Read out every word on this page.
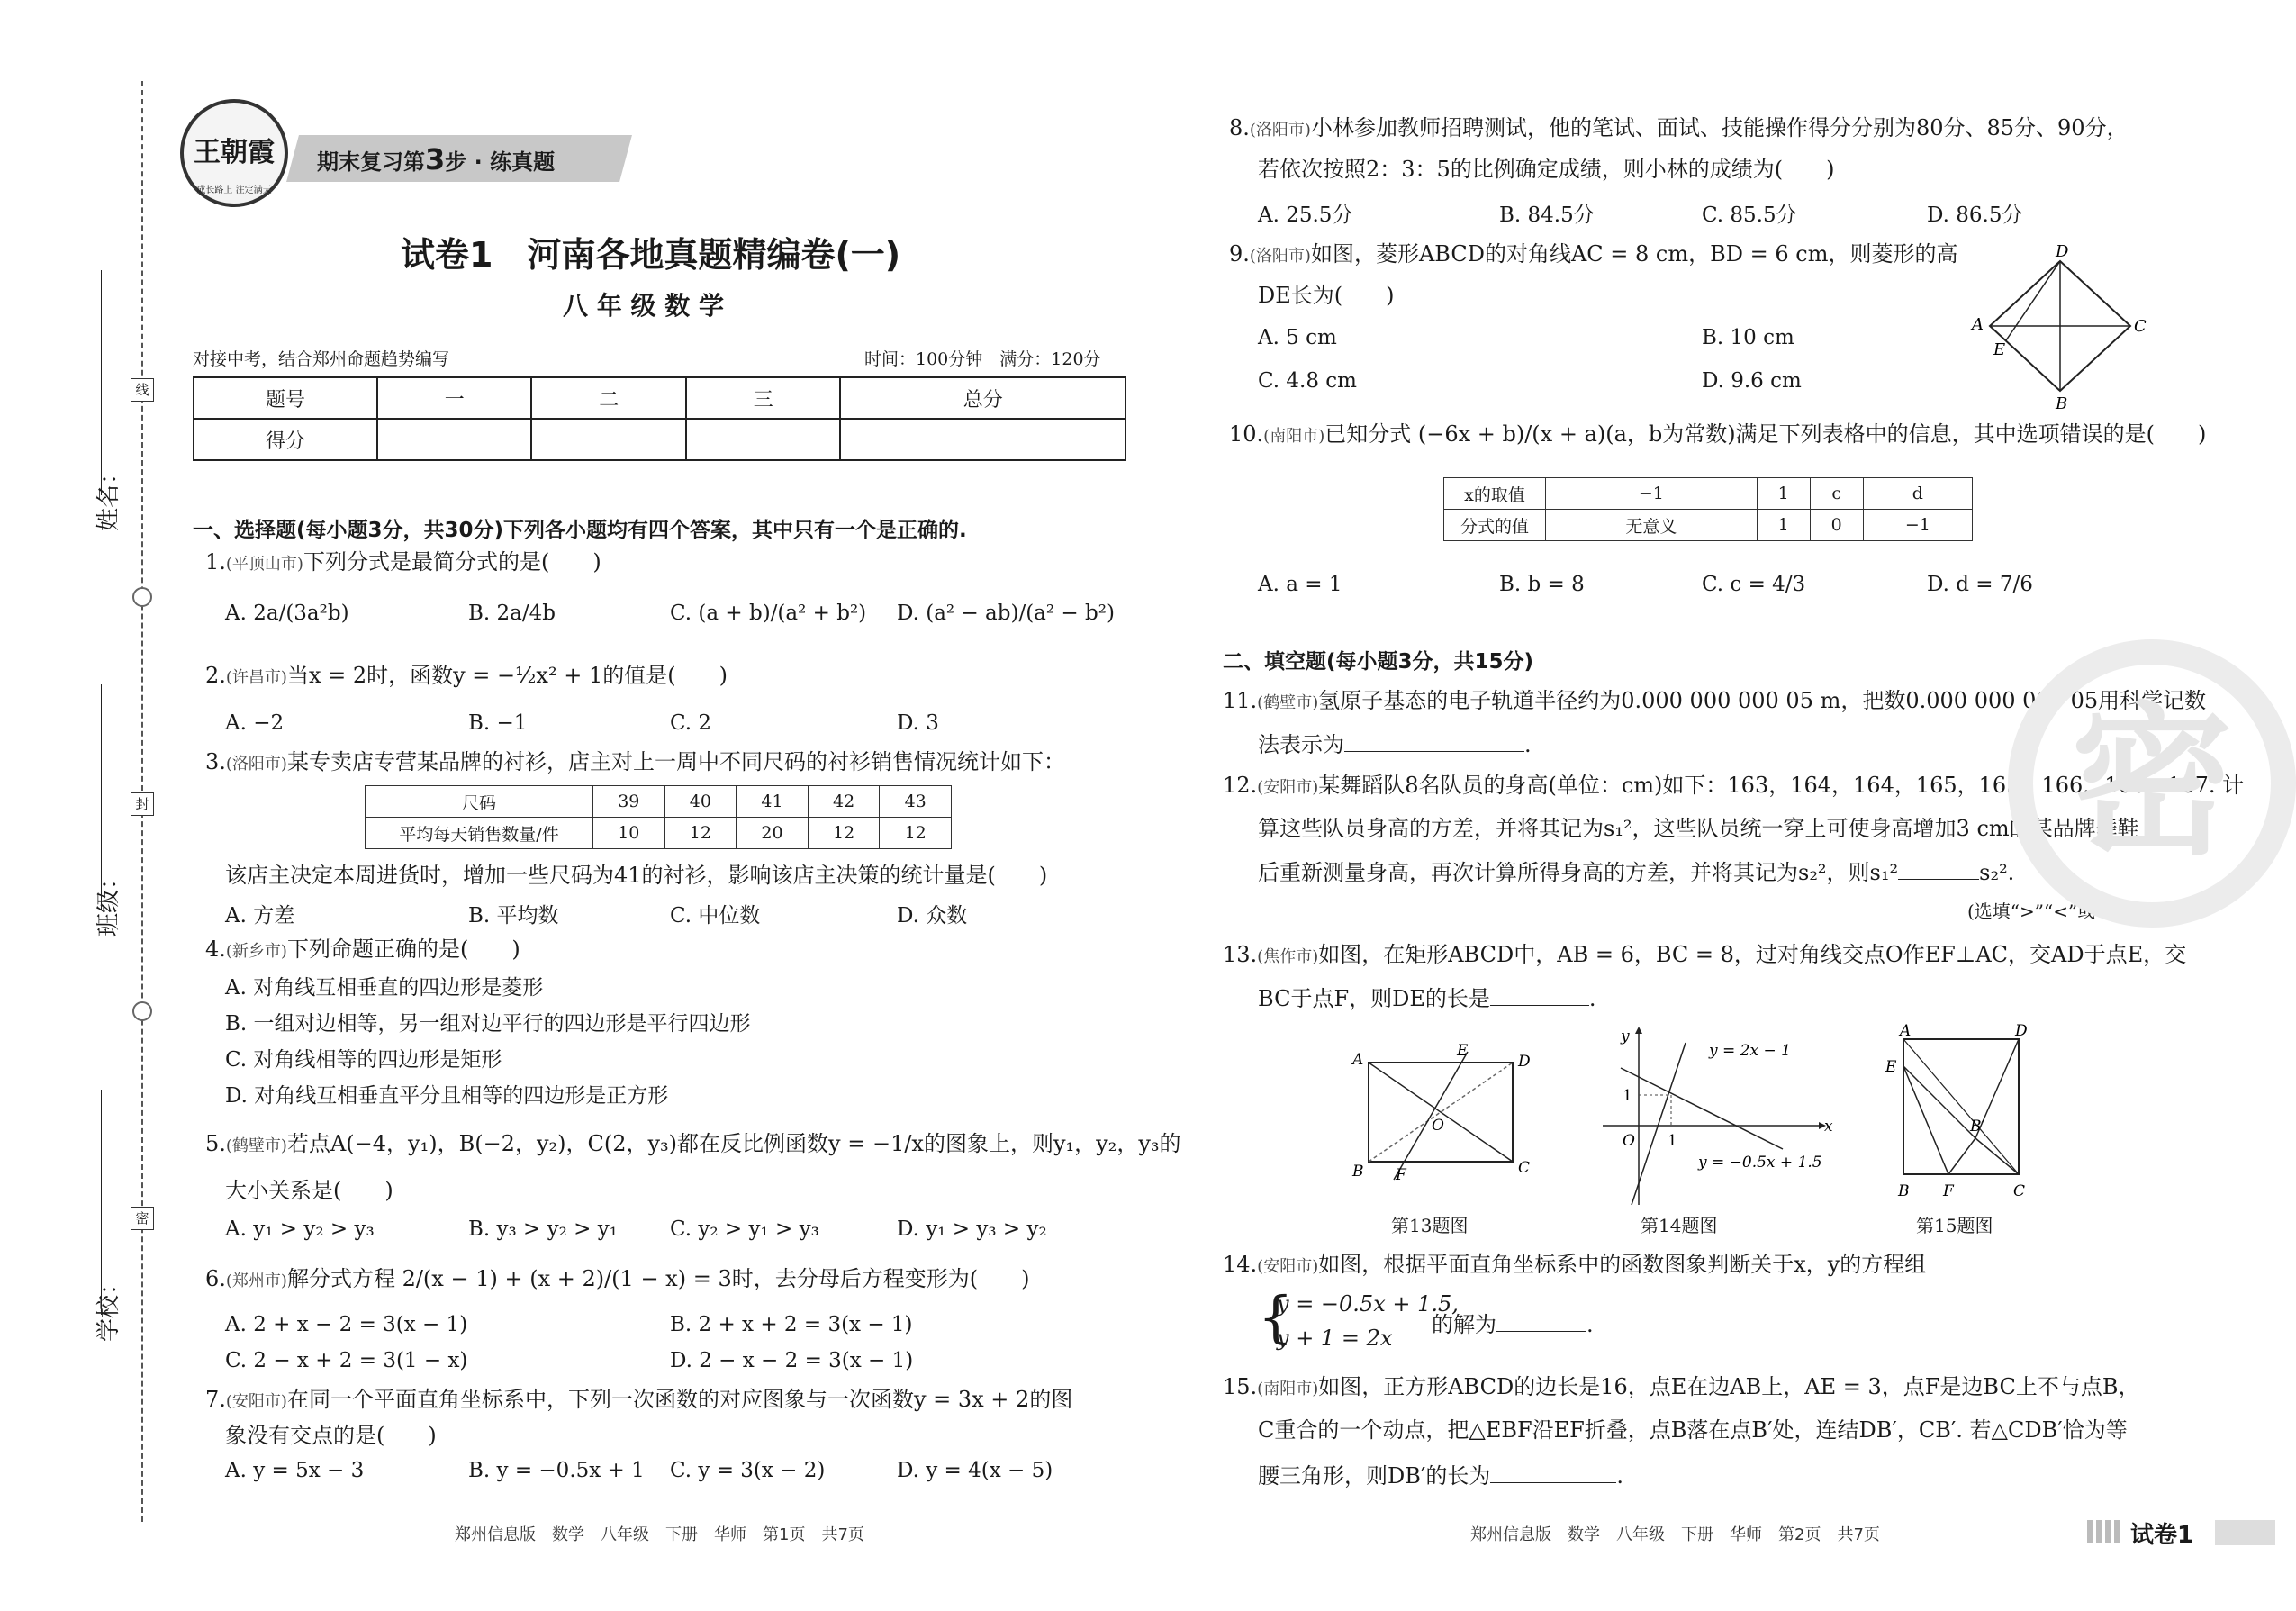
姓名：
班级：
学校：
线
封
密
王朝霞
成长路上 注定满天
期末复习第3步 · 练真题
试卷1　河南各地真题精编卷(一)
八 年 级 数 学
对接中考，结合郑州命题趋势编写	时间：100分钟　满分：120分
题号	一	二	三	总分
得分				
一、选择题(每小题3分，共30分)下列各小题均有四个答案，其中只有一个是正确的.
1.(平顶山市)下列分式是最简分式的是(　　)
A. 2a/(3a²b)	B. 2a/4b	C. (a + b)/(a² + b²) D. (a² − ab)/(a² − b²)
2.(许昌市)当x = 2时，函数y = −½x² + 1的值是(　　)
A. −2	B. −1	C. 2	D. 3
3.(洛阳市)某专卖店专营某品牌的衬衫，店主对上一周中不同尺码的衬衫销售情况统计如下：
尺码	39	40	41	42	43
平均每天销售数量/件	10	12	20	12	12
该店主决定本周进货时，增加一些尺码为41的衬衫，影响该店主决策的统计量是(　　)
A. 方差	B. 平均数	C. 中位数	D. 众数
4.(新乡市)下列命题正确的是(　　)
A. 对角线互相垂直的四边形是菱形
B. 一组对边相等，另一组对边平行的四边形是平行四边形
C. 对角线相等的四边形是矩形
D. 对角线互相垂直平分且相等的四边形是正方形
5.(鹤壁市)若点A(−4，y₁)，B(−2，y₂)，C(2，y₃)都在反比例函数y = −1/x的图象上，则y₁，y₂，y₃的
大小关系是(　　)
A. y₁ > y₂ > y₃	B. y₃ > y₂ > y₁	C. y₂ > y₁ > y₃	D. y₁ > y₃ > y₂
6.(郑州市)解分式方程 2/(x − 1) + (x + 2)/(1 − x) = 3时，去分母后方程变形为(　　)
A. 2 + x − 2 = 3(x − 1)	B. 2 + x + 2 = 3(x − 1)
C. 2 − x + 2 = 3(1 − x)	D. 2 − x − 2 = 3(x − 1)
7.(安阳市)在同一个平面直角坐标系中，下列一次函数的对应图象与一次函数y = 3x + 2的图
象没有交点的是(　　)
A. y = 5x − 3	B. y = −0.5x + 1 C. y = 3(x − 2)	D. y = 4(x − 5)
郑州信息版　数学　八年级　下册　华师　第1页　共7页
8.(洛阳市)小林参加教师招聘测试，他的笔试、面试、技能操作得分分别为80分、85分、90分，
若依次按照2：3：5的比例确定成绩，则小林的成绩为(　　)
A. 25.5分	B. 84.5分	C. 85.5分	D. 86.5分
9.(洛阳市)如图，菱形ABCD的对角线AC = 8 cm，BD = 6 cm，则菱形的高
DE长为(　　)
A. 5 cm	B. 10 cm
C. 4.8 cm	D. 9.6 cm
D
A	C
E
B
10.(南阳市)已知分式 (−6x + b)/(x + a)(a，b为常数)满足下列表格中的信息，其中选项错误的是(　　)
x的取值	−1	1	c	d
分式的值	无意义	1	0	−1
A. a = 1	B. b = 8	C. c = 4/3	D. d = 7/6
二、填空题(每小题3分，共15分)
11.(鹤壁市)氢原子基态的电子轨道半径约为0.000 000 000 05 m，把数0.000 000 000 05用科学记数
法表示为	.
12.(安阳市)某舞蹈队8名队员的身高(单位：cm)如下：163，164，164，165，165，166，166，167. 计
算这些队员身高的方差，并将其记为s₁²，这些队员统一穿上可使身高增加3 cm的某品牌舞鞋
后重新测量身高，再次计算所得身高的方差，并将其记为s₂²，则s₁²	s₂².
(选填“>”“<”或“=”)
13.(焦作市)如图，在矩形ABCD中，AB = 6，BC = 8，过对角线交点O作EF⊥AC，交AD于点E，交
BC于点F，则DE的长是	.
A	E
D
O
B F	C
第13题图
y
y = 2x − 1
1
O 1
x
y = −0.5x + 1.5
第14题图
A	D
E
B′
B F	C
第15题图
14.(安阳市)如图，根据平面直角坐标系中的函数图象判断关于x，y的方程组
{
y = −0.5x + 1.5,
y + 1 = 2x
的解为	.
15.(南阳市)如图，正方形ABCD的边长是16，点E在边AB上，AE = 3，点F是边BC上不与点B，
C重合的一个动点，把△EBF沿EF折叠，点B落在点B′处，连结DB′，CB′. 若△CDB′恰为等
腰三角形，则DB′的长为	.
郑州信息版　数学　八年级　下册　华师　第2页　共7页	试卷1
密
